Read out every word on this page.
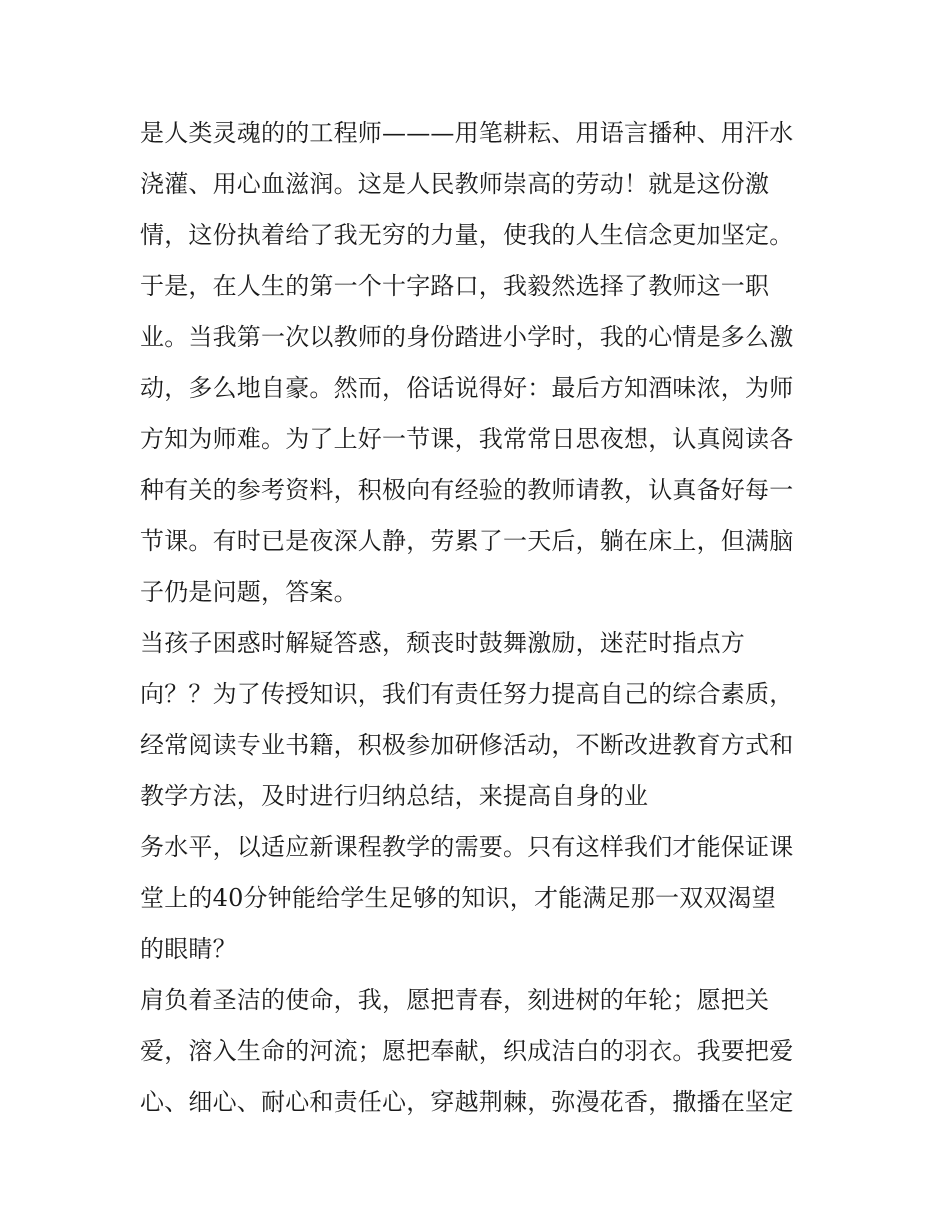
是人类灵魂的的工程师———用笔耕耘、用语言播种、用汗水
浇灌、用心血滋润。这是人民教师崇高的劳动！就是这份激
情，这份执着给了我无穷的力量，使我的人生信念更加坚定。
于是，在人生的第一个十字路口，我毅然选择了教师这一职
业。当我第一次以教师的身份踏进小学时，我的心情是多么激
动，多么地自豪。然而，俗话说得好：最后方知酒味浓，为师
方知为师难。为了上好一节课，我常常日思夜想，认真阅读各
种有关的参考资料，积极向有经验的教师请教，认真备好每一
节课。有时已是夜深人静，劳累了一天后，躺在床上，但满脑
子仍是问题，答案。
当孩子困惑时解疑答惑，颓丧时鼓舞激励，迷茫时指点方
向？？为了传授知识，我们有责任努力提高自己的综合素质，
经常阅读专业书籍，积极参加研修活动，不断改进教育方式和
教学方法，及时进行归纳总结，来提高自身的业
务水平，以适应新课程教学的需要。只有这样我们才能保证课
堂上的40分钟能给学生足够的知识，才能满足那一双双渴望
的眼睛？
肩负着圣洁的使命，我，愿把青春，刻进树的年轮；愿把关
爱，溶入生命的河流；愿把奉献，织成洁白的羽衣。我要把爱
心、细心、耐心和责任心，穿越荆棘，弥漫花香，撒播在坚定
